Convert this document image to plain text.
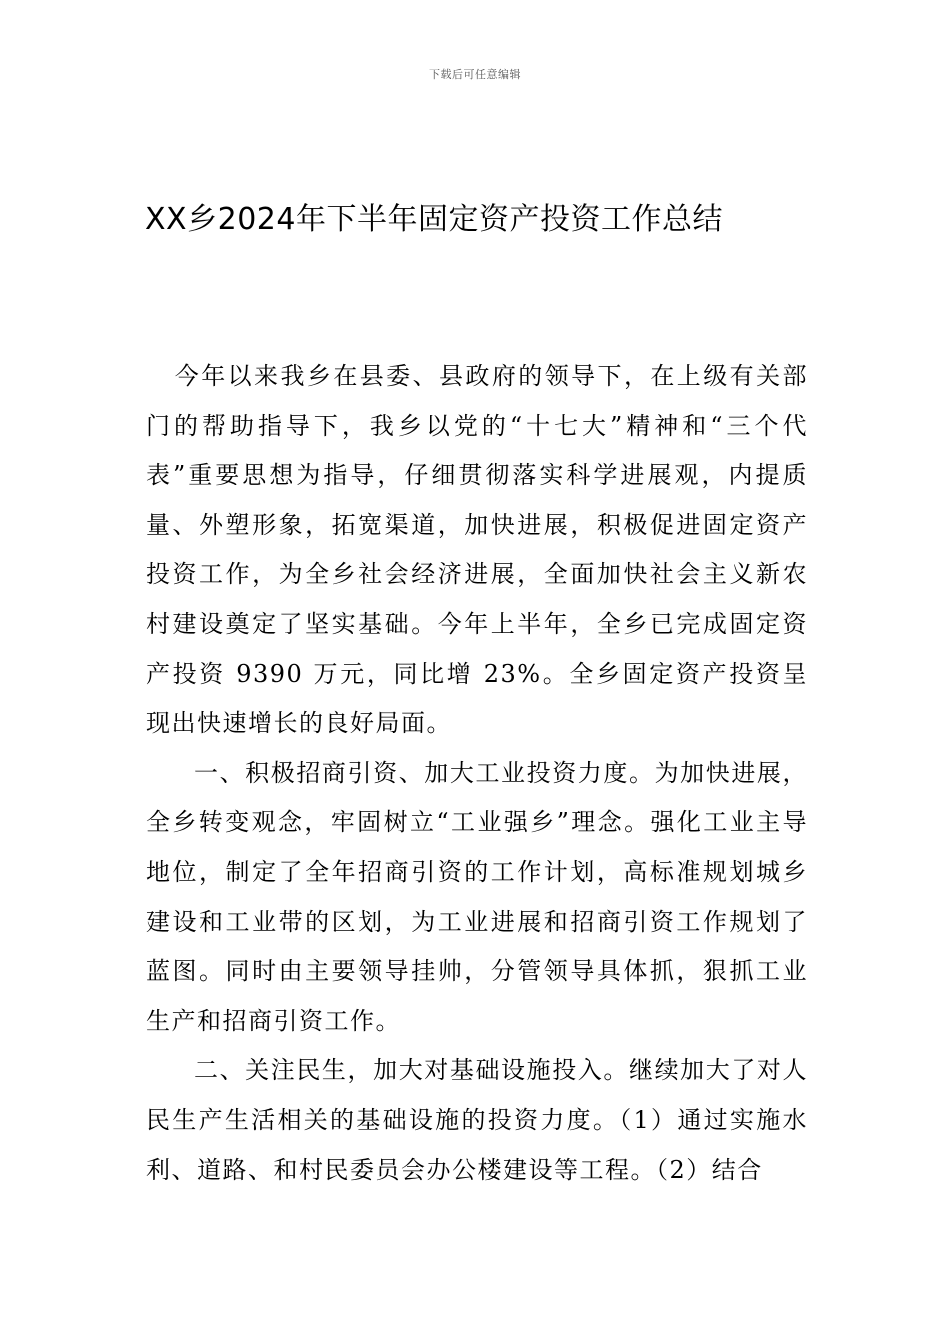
下载后可任意编辑
XX乡2024年下半年固定资产投资工作总结

今年以来我乡在县委、县政府的领导下，在上级有关部门的帮助指导下，我乡以党的“十七大”精神和“三个代表”重要思想为指导，仔细贯彻落实科学进展观，内提质量、外塑形象，拓宽渠道，加快进展，积极促进固定资产投资工作，为全乡社会经济进展，全面加快社会主义新农村建设奠定了坚实基础。今年上半年，全乡已完成固定资产投资 9390 万元，同比增 23%。全乡固定资产投资呈现出快速增长的良好局面。

一、积极招商引资、加大工业投资力度。为加快进展，全乡转变观念，牢固树立“工业强乡”理念。强化工业主导地位，制定了全年招商引资的工作计划，高标准规划城乡建设和工业带的区划，为工业进展和招商引资工作规划了蓝图。同时由主要领导挂帅，分管领导具体抓，狠抓工业生产和招商引资工作。

二、关注民生，加大对基础设施投入。继续加大了对人民生产生活相关的基础设施的投资力度。（1）通过实施水利、道路、和村民委员会办公楼建设等工程。（2）结合
